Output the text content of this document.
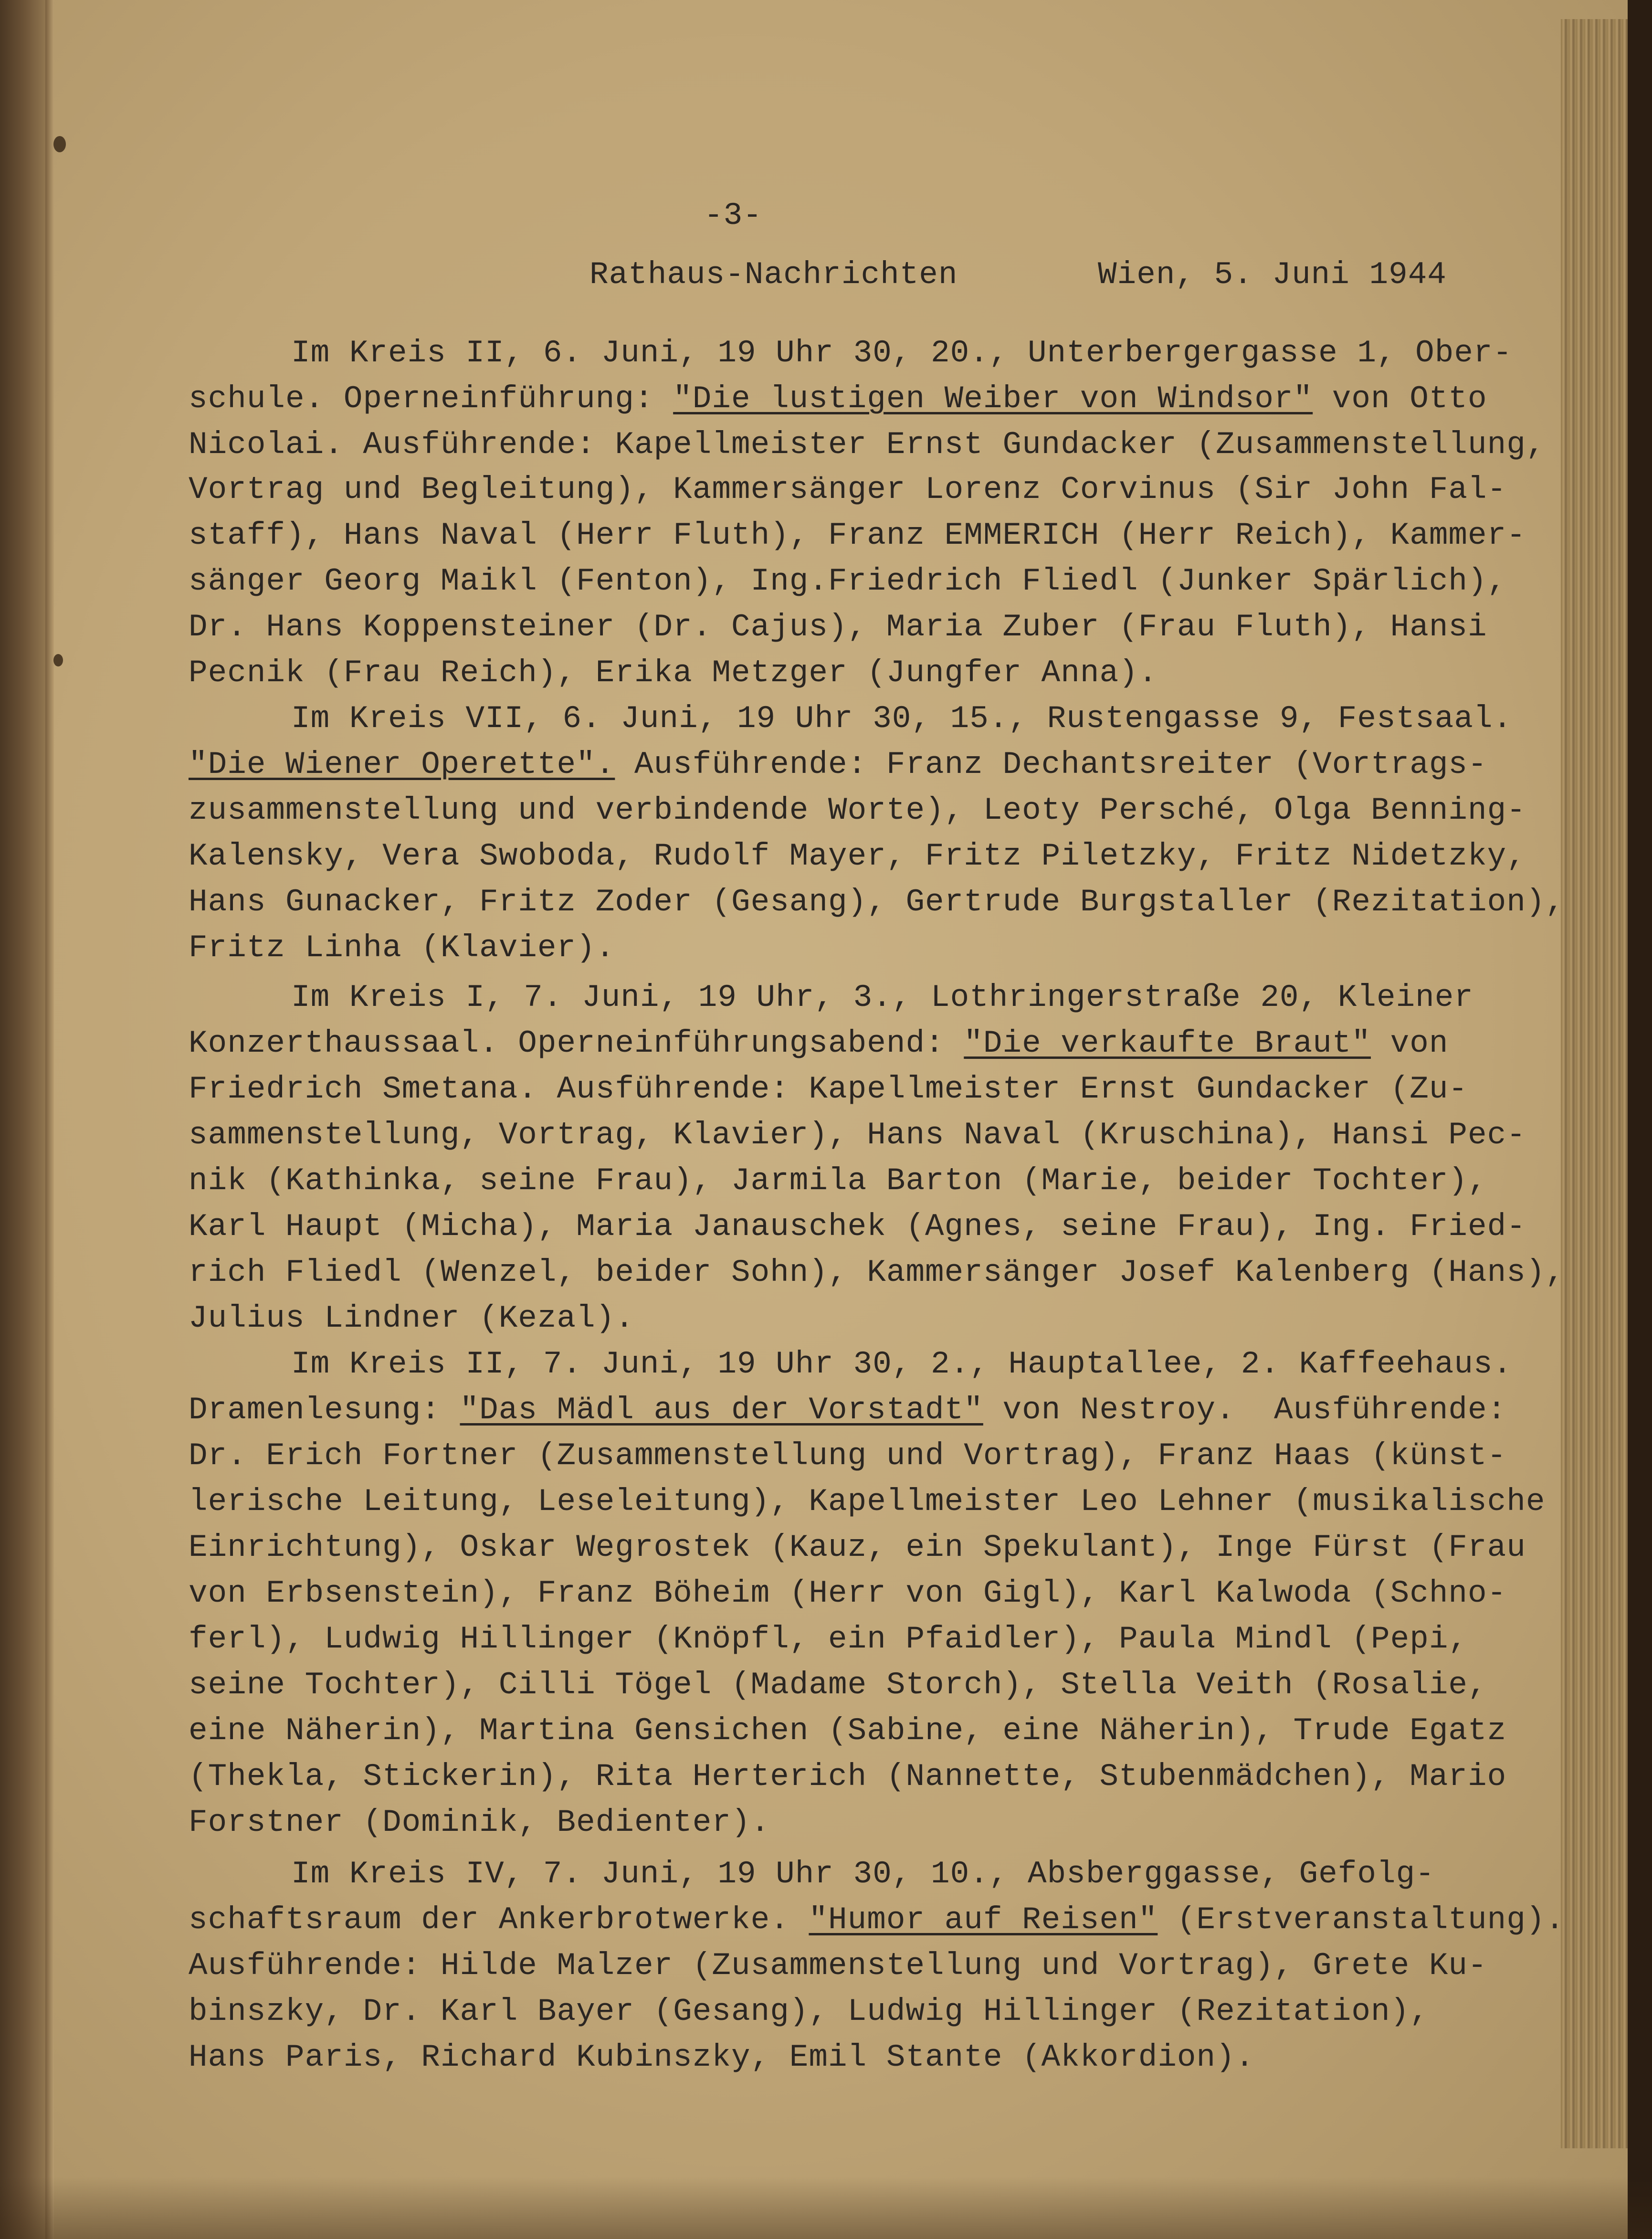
-3-
Rathaus-Nachrichten	Wien, 5. Juni 1944
Im Kreis II, 6. Juni, 19 Uhr 30, 20., Unterbergergasse 1, Ober-
schule. Operneinführung: "Die lustigen Weiber von Windsor" von Otto
Nicolai. Ausführende: Kapellmeister Ernst Gundacker (Zusammenstellung,
Vortrag und Begleitung), Kammersänger Lorenz Corvinus (Sir John Fal-
staff), Hans Naval (Herr Fluth), Franz EMMERICH (Herr Reich), Kammer-
sänger Georg Maikl (Fenton), Ing.Friedrich Fliedl (Junker Spärlich),
Dr. Hans Koppensteiner (Dr. Cajus), Maria Zuber (Frau Fluth), Hansi
Pecnik (Frau Reich), Erika Metzger (Jungfer Anna).
Im Kreis VII, 6. Juni, 19 Uhr 30, 15., Rustengasse 9, Festsaal.
"Die Wiener Operette". Ausführende: Franz Dechantsreiter (Vortrags-
zusammenstellung und verbindende Worte), Leoty Persché, Olga Benning-
Kalensky, Vera Swoboda, Rudolf Mayer, Fritz Piletzky, Fritz Nidetzky,
Hans Gunacker, Fritz Zoder (Gesang), Gertrude Burgstaller (Rezitation),
Fritz Linha (Klavier).
Im Kreis I, 7. Juni, 19 Uhr, 3., Lothringerstraße 20, Kleiner
Konzerthaussaal. Operneinführungsabend: "Die verkaufte Braut" von
Friedrich Smetana. Ausführende: Kapellmeister Ernst Gundacker (Zu-
sammenstellung, Vortrag, Klavier), Hans Naval (Kruschina), Hansi Pec-
nik (Kathinka, seine Frau), Jarmila Barton (Marie, beider Tochter),
Karl Haupt (Micha), Maria Janauschek (Agnes, seine Frau), Ing. Fried-
rich Fliedl (Wenzel, beider Sohn), Kammersänger Josef Kalenberg (Hans),
Julius Lindner (Kezal).
Im Kreis II, 7. Juni, 19 Uhr 30, 2., Hauptallee, 2. Kaffeehaus.
Dramenlesung: "Das Mädl aus der Vorstadt" von Nestroy.  Ausführende:
Dr. Erich Fortner (Zusammenstellung und Vortrag), Franz Haas (künst-
lerische Leitung, Leseleitung), Kapellmeister Leo Lehner (musikalische
Einrichtung), Oskar Wegrostek (Kauz, ein Spekulant), Inge Fürst (Frau
von Erbsenstein), Franz Böheim (Herr von Gigl), Karl Kalwoda (Schno-
ferl), Ludwig Hillinger (Knöpfl, ein Pfaidler), Paula Mindl (Pepi,
seine Tochter), Cilli Tögel (Madame Storch), Stella Veith (Rosalie,
eine Näherin), Martina Gensichen (Sabine, eine Näherin), Trude Egatz
(Thekla, Stickerin), Rita Herterich (Nannette, Stubenmädchen), Mario
Forstner (Dominik, Bedienter).
Im Kreis IV, 7. Juni, 19 Uhr 30, 10., Absberggasse, Gefolg-
schaftsraum der Ankerbrotwerke. "Humor auf Reisen" (Erstveranstaltung).
Ausführende: Hilde Malzer (Zusammenstellung und Vortrag), Grete Ku-
binszky, Dr. Karl Bayer (Gesang), Ludwig Hillinger (Rezitation),
Hans Paris, Richard Kubinszky, Emil Stante (Akkordion).
